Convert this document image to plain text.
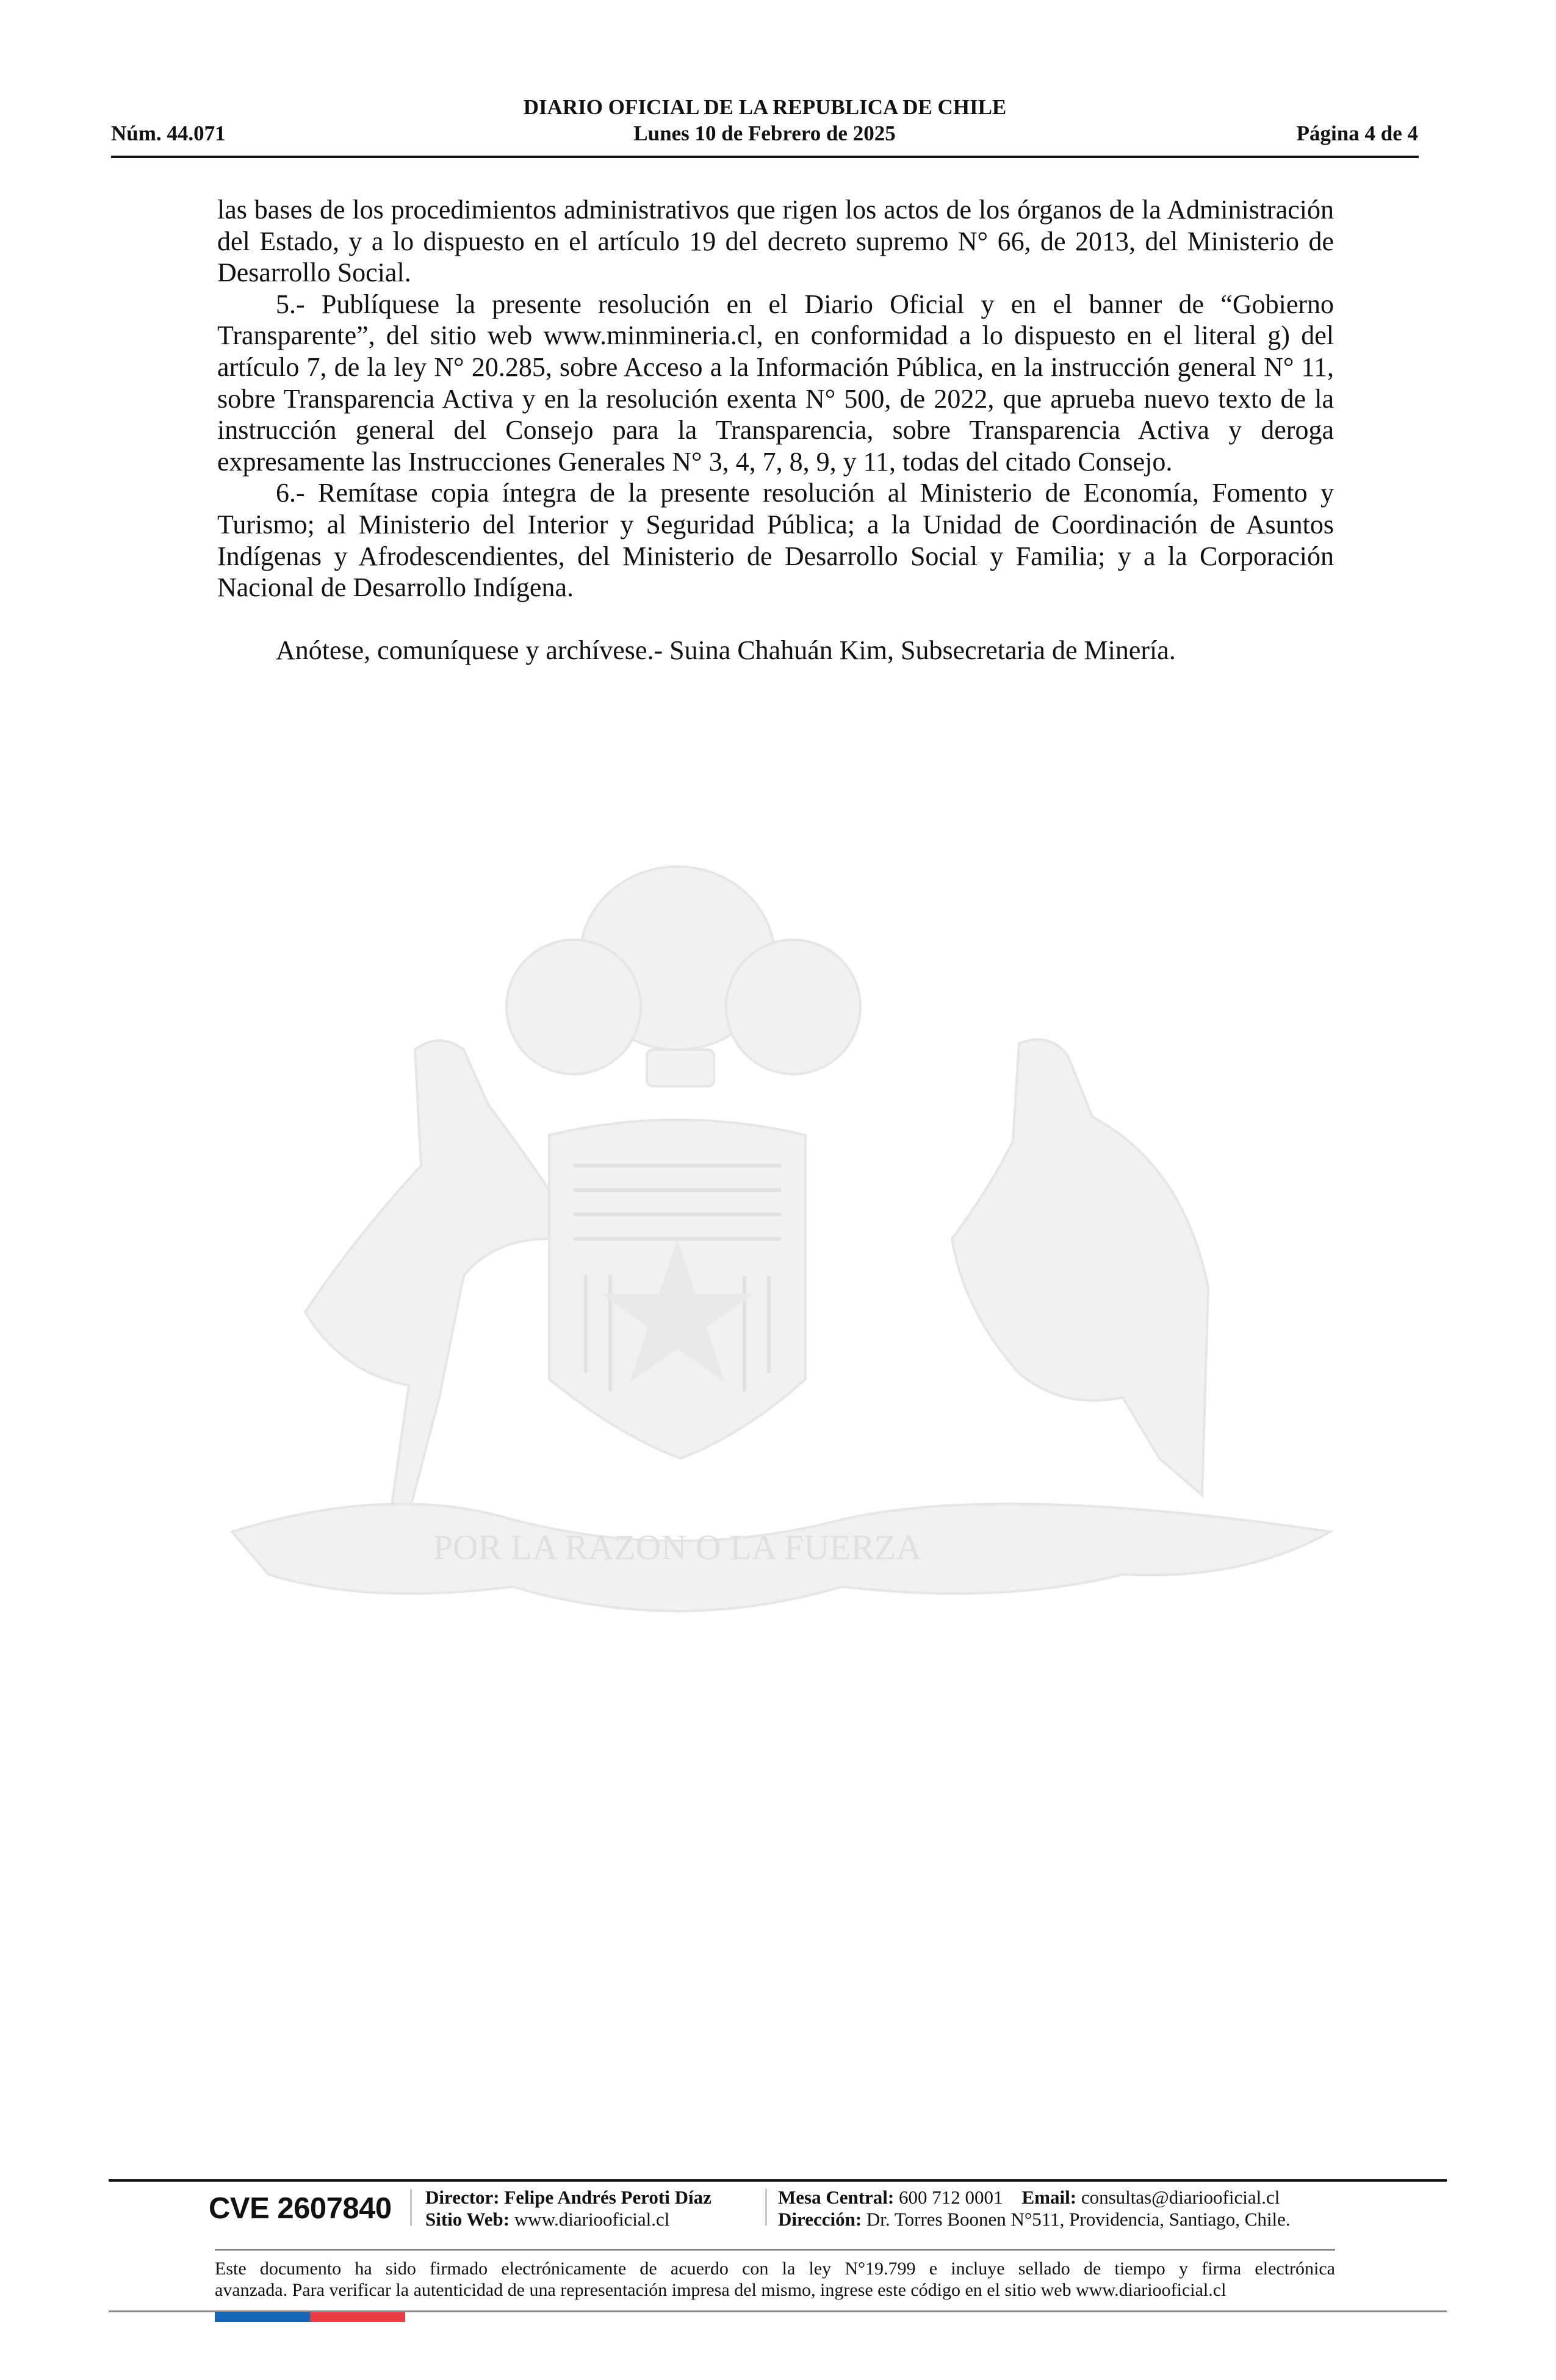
DIARIO OFICIAL DE LA REPUBLICA DE CHILE
Núm. 44.071	Lunes 10 de Febrero de 2025	Página 4 de 4
POR LA RAZON O LA FUERZA

las bases de los procedimientos administrativos que rigen los actos de los órganos de la Administración del Estado, y a lo dispuesto en el artículo 19 del decreto supremo N° 66, de 2013, del Ministerio de Desarrollo Social.

5.- Publíquese la presente resolución en el Diario Oficial y en el banner de “Gobierno Transparente”, del sitio web www.minmineria.cl, en conformidad a lo dispuesto en el literal g) del artículo 7, de la ley N° 20.285, sobre Acceso a la Información Pública, en la instrucción general N° 11, sobre Transparencia Activa y en la resolución exenta N° 500, de 2022, que aprueba nuevo texto de la instrucción general del Consejo para la Transparencia, sobre Transparencia Activa y deroga expresamente las Instrucciones Generales N° 3, 4, 7, 8, 9, y 11, todas del citado Consejo.

6.- Remítase copia íntegra de la presente resolución al Ministerio de Economía, Fomento y Turismo; al Ministerio del Interior y Seguridad Pública; a la Unidad de Coordinación de Asuntos Indígenas y Afrodescendientes, del Ministerio de Desarrollo Social y Familia; y a la Corporación Nacional de Desarrollo Indígena.

Anótese, comuníquese y archívese.- Suina Chahuán Kim, Subsecretaria de Minería.

CVE 2607840 Director: Felipe Andrés Peroti Díaz
Sitio Web: www.diariooficial.cl
Mesa Central: 600 712 0001 Email: consultas@diariooficial.cl
Dirección: Dr. Torres Boonen N°511, Providencia, Santiago, Chile.
Este documento ha sido firmado electrónicamente de acuerdo con la ley N°19.799 e incluye sellado de tiempo y firma electrónica
avanzada. Para verificar la autenticidad de una representación impresa del mismo, ingrese este código en el sitio web www.diariooficial.cl
